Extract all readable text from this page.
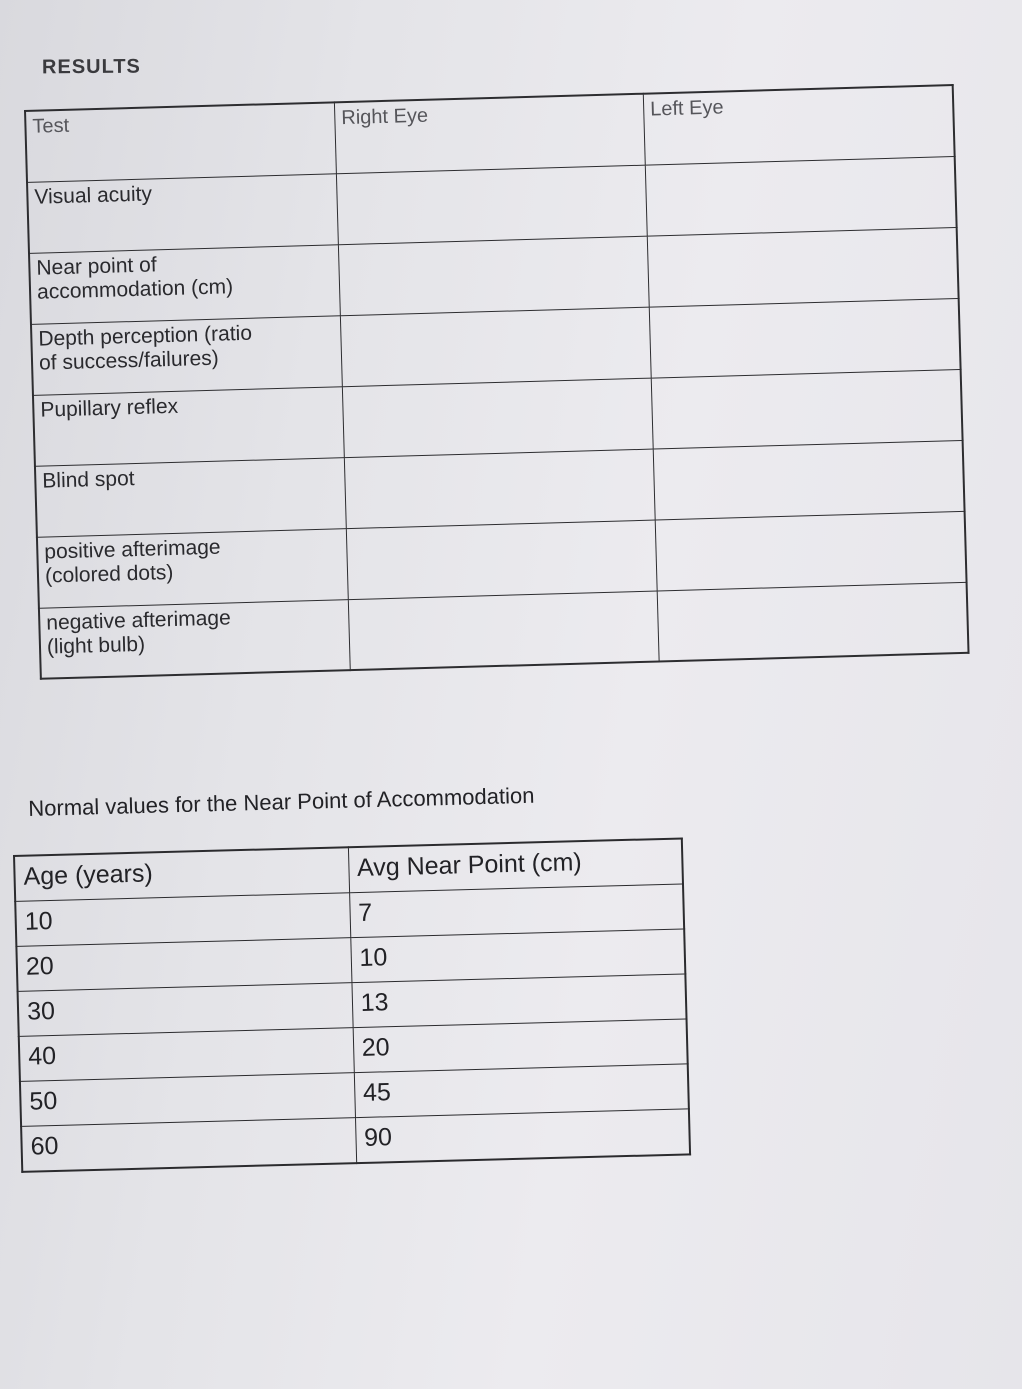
RESULTS
Test	Right Eye	Left Eye

Visual acuity		

Near point of
accommodation (cm)		

Depth perception (ratio
of success/failures)		

Pupillary reflex		

Blind spot		

positive afterimage
(colored dots)		

negative afterimage
(light bulb)		

Normal values for the Near Point of Accommodation
Age (years)	Avg Near Point (cm)
10	7
20	10
30	13
40	20
50	45
60	90
